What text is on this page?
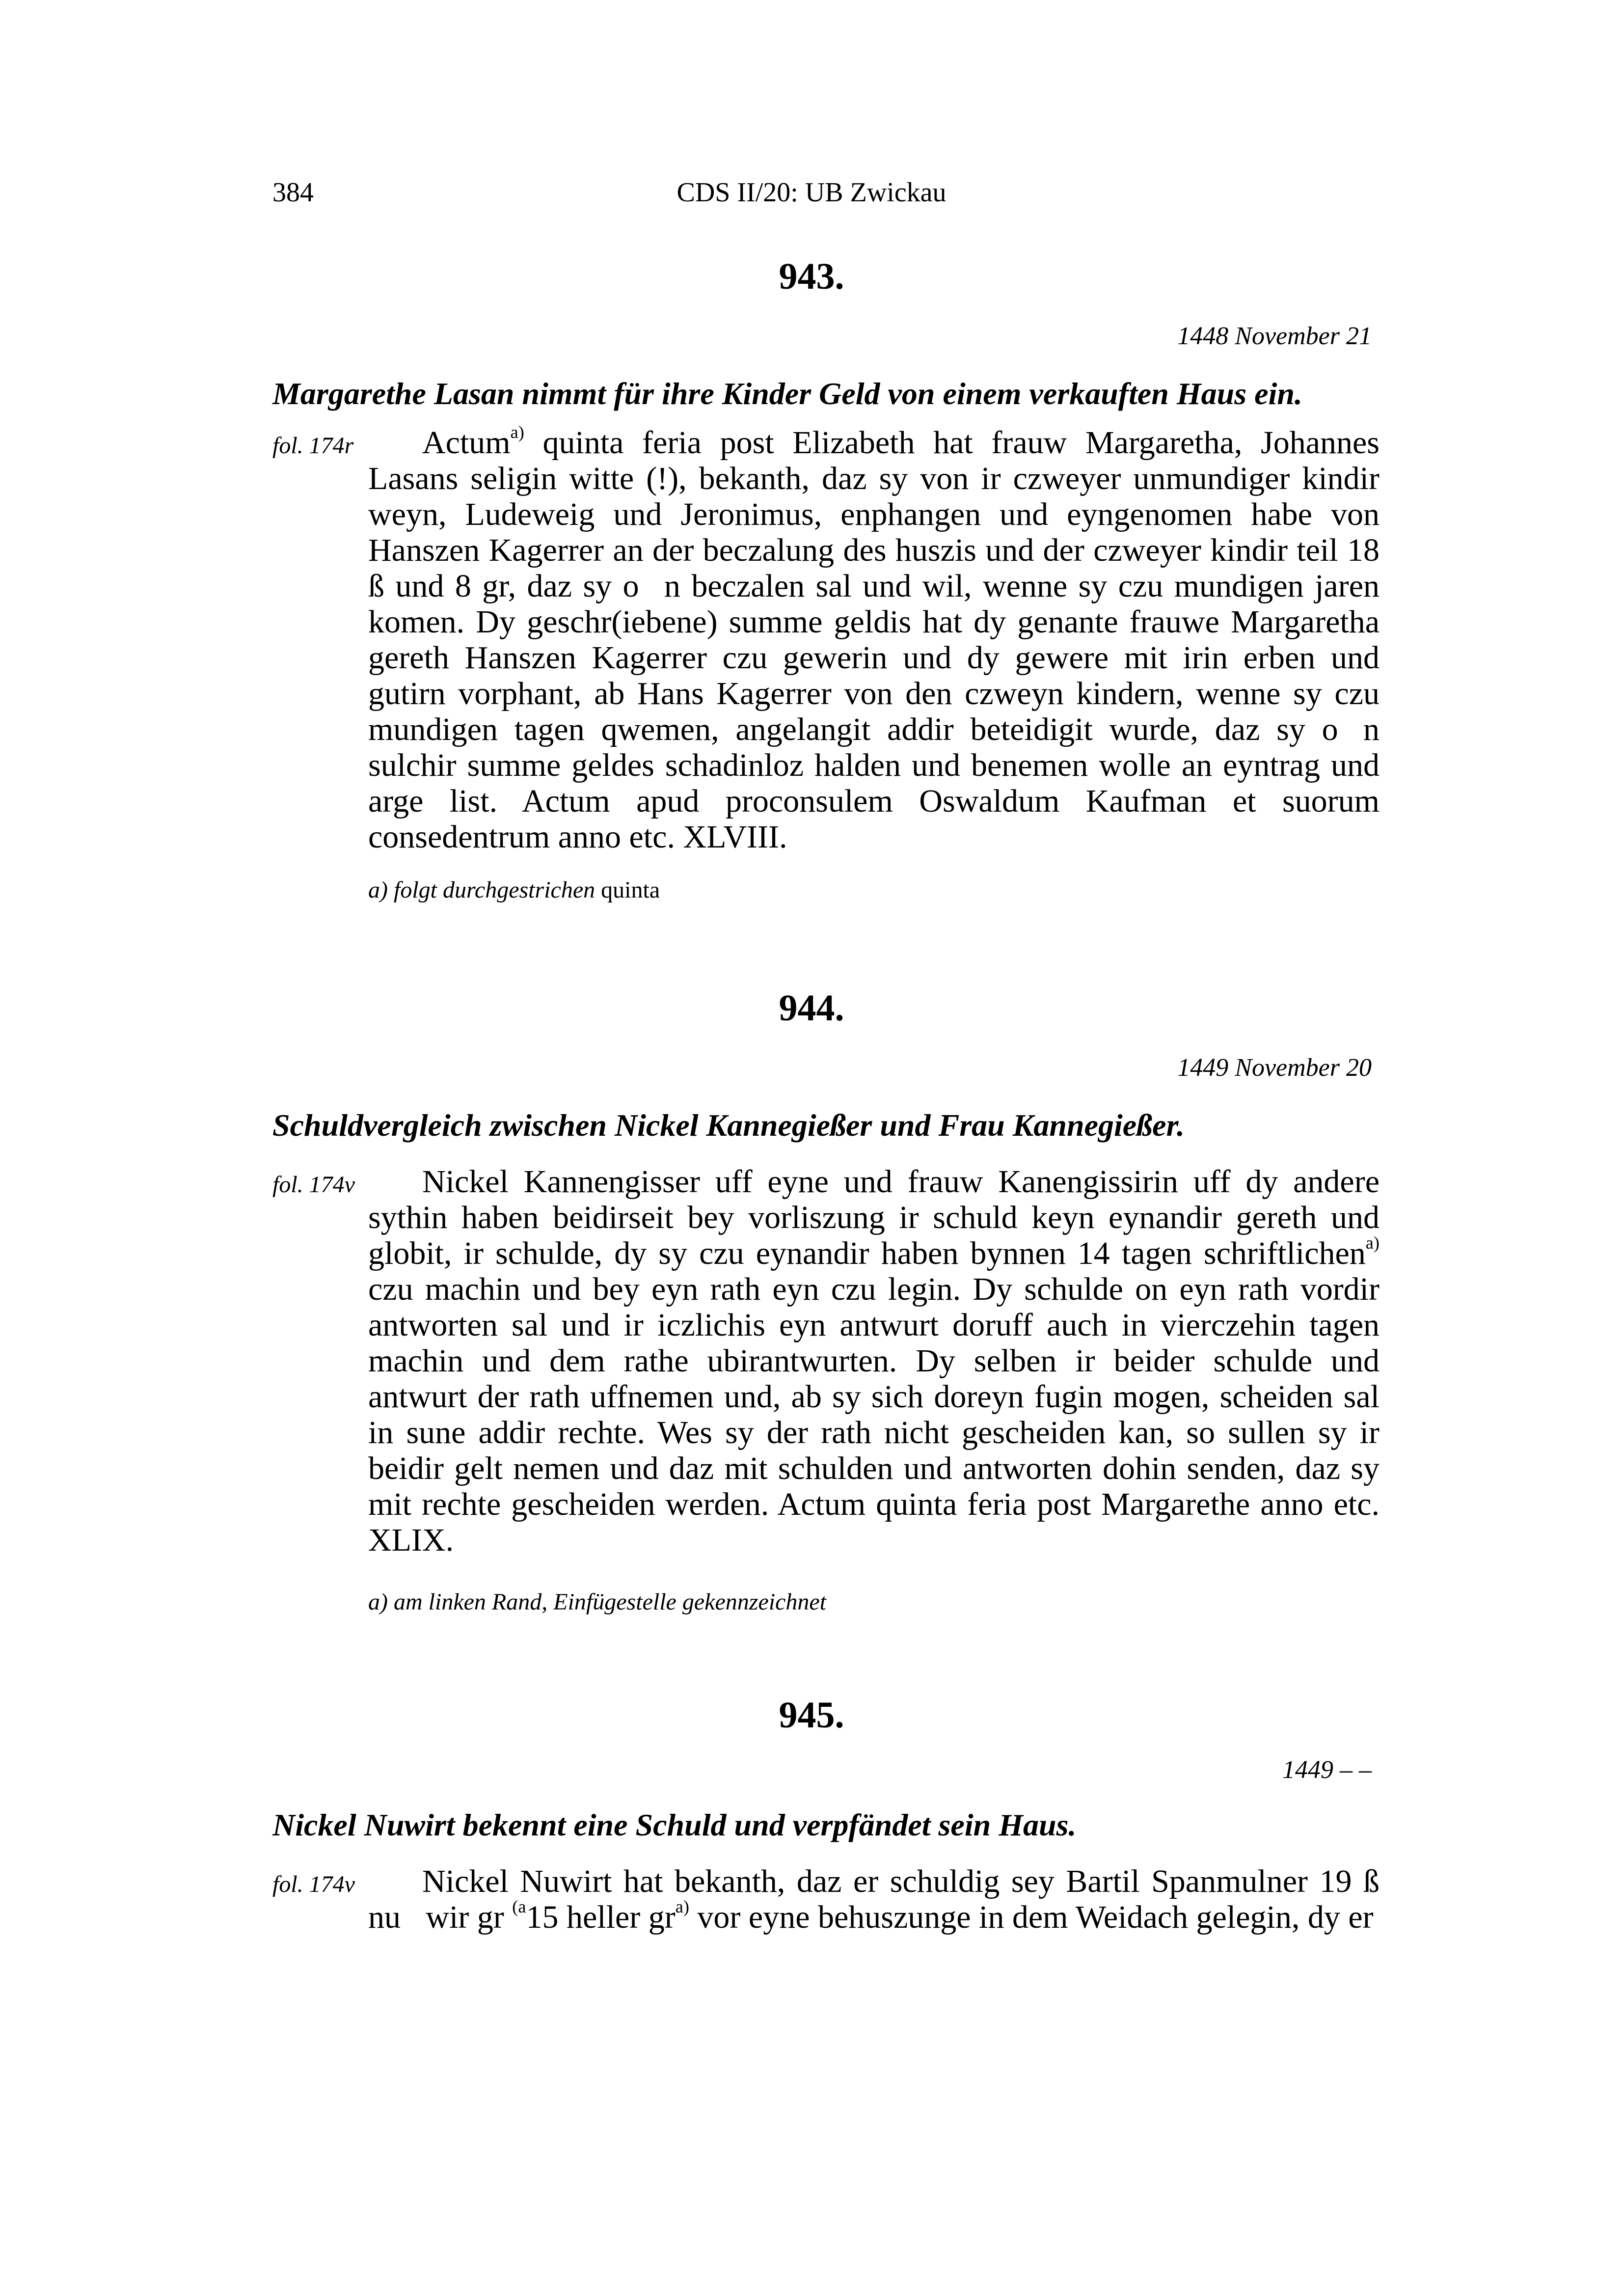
384	CDS II/20: UB Zwickau
943.
1448 November 21
Margarethe Lasan nimmt für ihre Kinder Geld von einem verkauften Haus ein.
fol. 174r	Actum$^{a)}$ quinta feria post Elizabeth hat frauw Margaretha, Johannes Lasans seligin witte (!), bekanth, daz sy von ir czweyer unmundiger kindir weyn, Ludeweig und Jeronimus, enphangen und eyngenomen habe von Hanszen Kagerrer an der beczalung des huszis und der czweyer kindir teil 18 ß und 8 gr, daz sy o᷎n beczalen sal und wil, wenne sy czu mundigen jaren komen. Dy geschr(iebene) summe geldis hat dy genante frauwe Margaretha gereth Hanszen Kagerrer czu gewerin und dy gewere mit irin erben und gutirn vorphant, ab Hans Kagerrer von den czweyn kindern, wenne sy czu mundigen tagen qwemen, angelangit addir beteidigit wurde, daz sy o᷎n sulchir summe geldes schadinloz halden und benemen wolle an eyntrag und arge list. Actum apud proconsulem Oswaldum Kaufman et suorum consedentrum anno etc. XLVIII.

a) folgt durchgestrichen quinta
944.
1449 November 20
Schuldvergleich zwischen Nickel Kannegießer und Frau Kannegießer.
fol. 174v	Nickel Kannengisser uff eyne und frauw Kanengissirin uff dy andere sythin haben beidirseit bey vorliszung ir schuld keyn eynandir gereth und globit, ir schulde, dy sy czu eynandir haben bynnen 14 tagen schriftlichen$^{a)}$ czu machin und bey eyn rath eyn czu legin. Dy schulde on eyn rath vordir antworten sal und ir iczlichis eyn antwurt doruff auch in vierczehin tagen machin und dem rathe ubirantwurten. Dy selben ir beider schulde und antwurt der rath uffnemen und, ab sy sich doreyn fugin mogen, scheiden sal in sune addir rechte. Wes sy der rath nicht gescheiden kan, so sullen sy ir beidir gelt nemen und daz mit schulden und antworten dohin senden, daz sy mit rechte gescheiden werden. Actum quinta feria post Margarethe anno etc. XLIX.

a) am linken Rand, Einfügestelle gekennzeichnet
945.
1449 – –
Nickel Nuwirt bekennt eine Schuld und verpfändet sein Haus.
fol. 174v	Nickel Nuwirt hat bekanth, daz er schuldig sey Bartil Spanmulner 19 ß nu᷎wir gr $^{(a}$15 heller $gr^{a)}$ vor eyne behuszunge in dem Weidach gelegin, dy er
